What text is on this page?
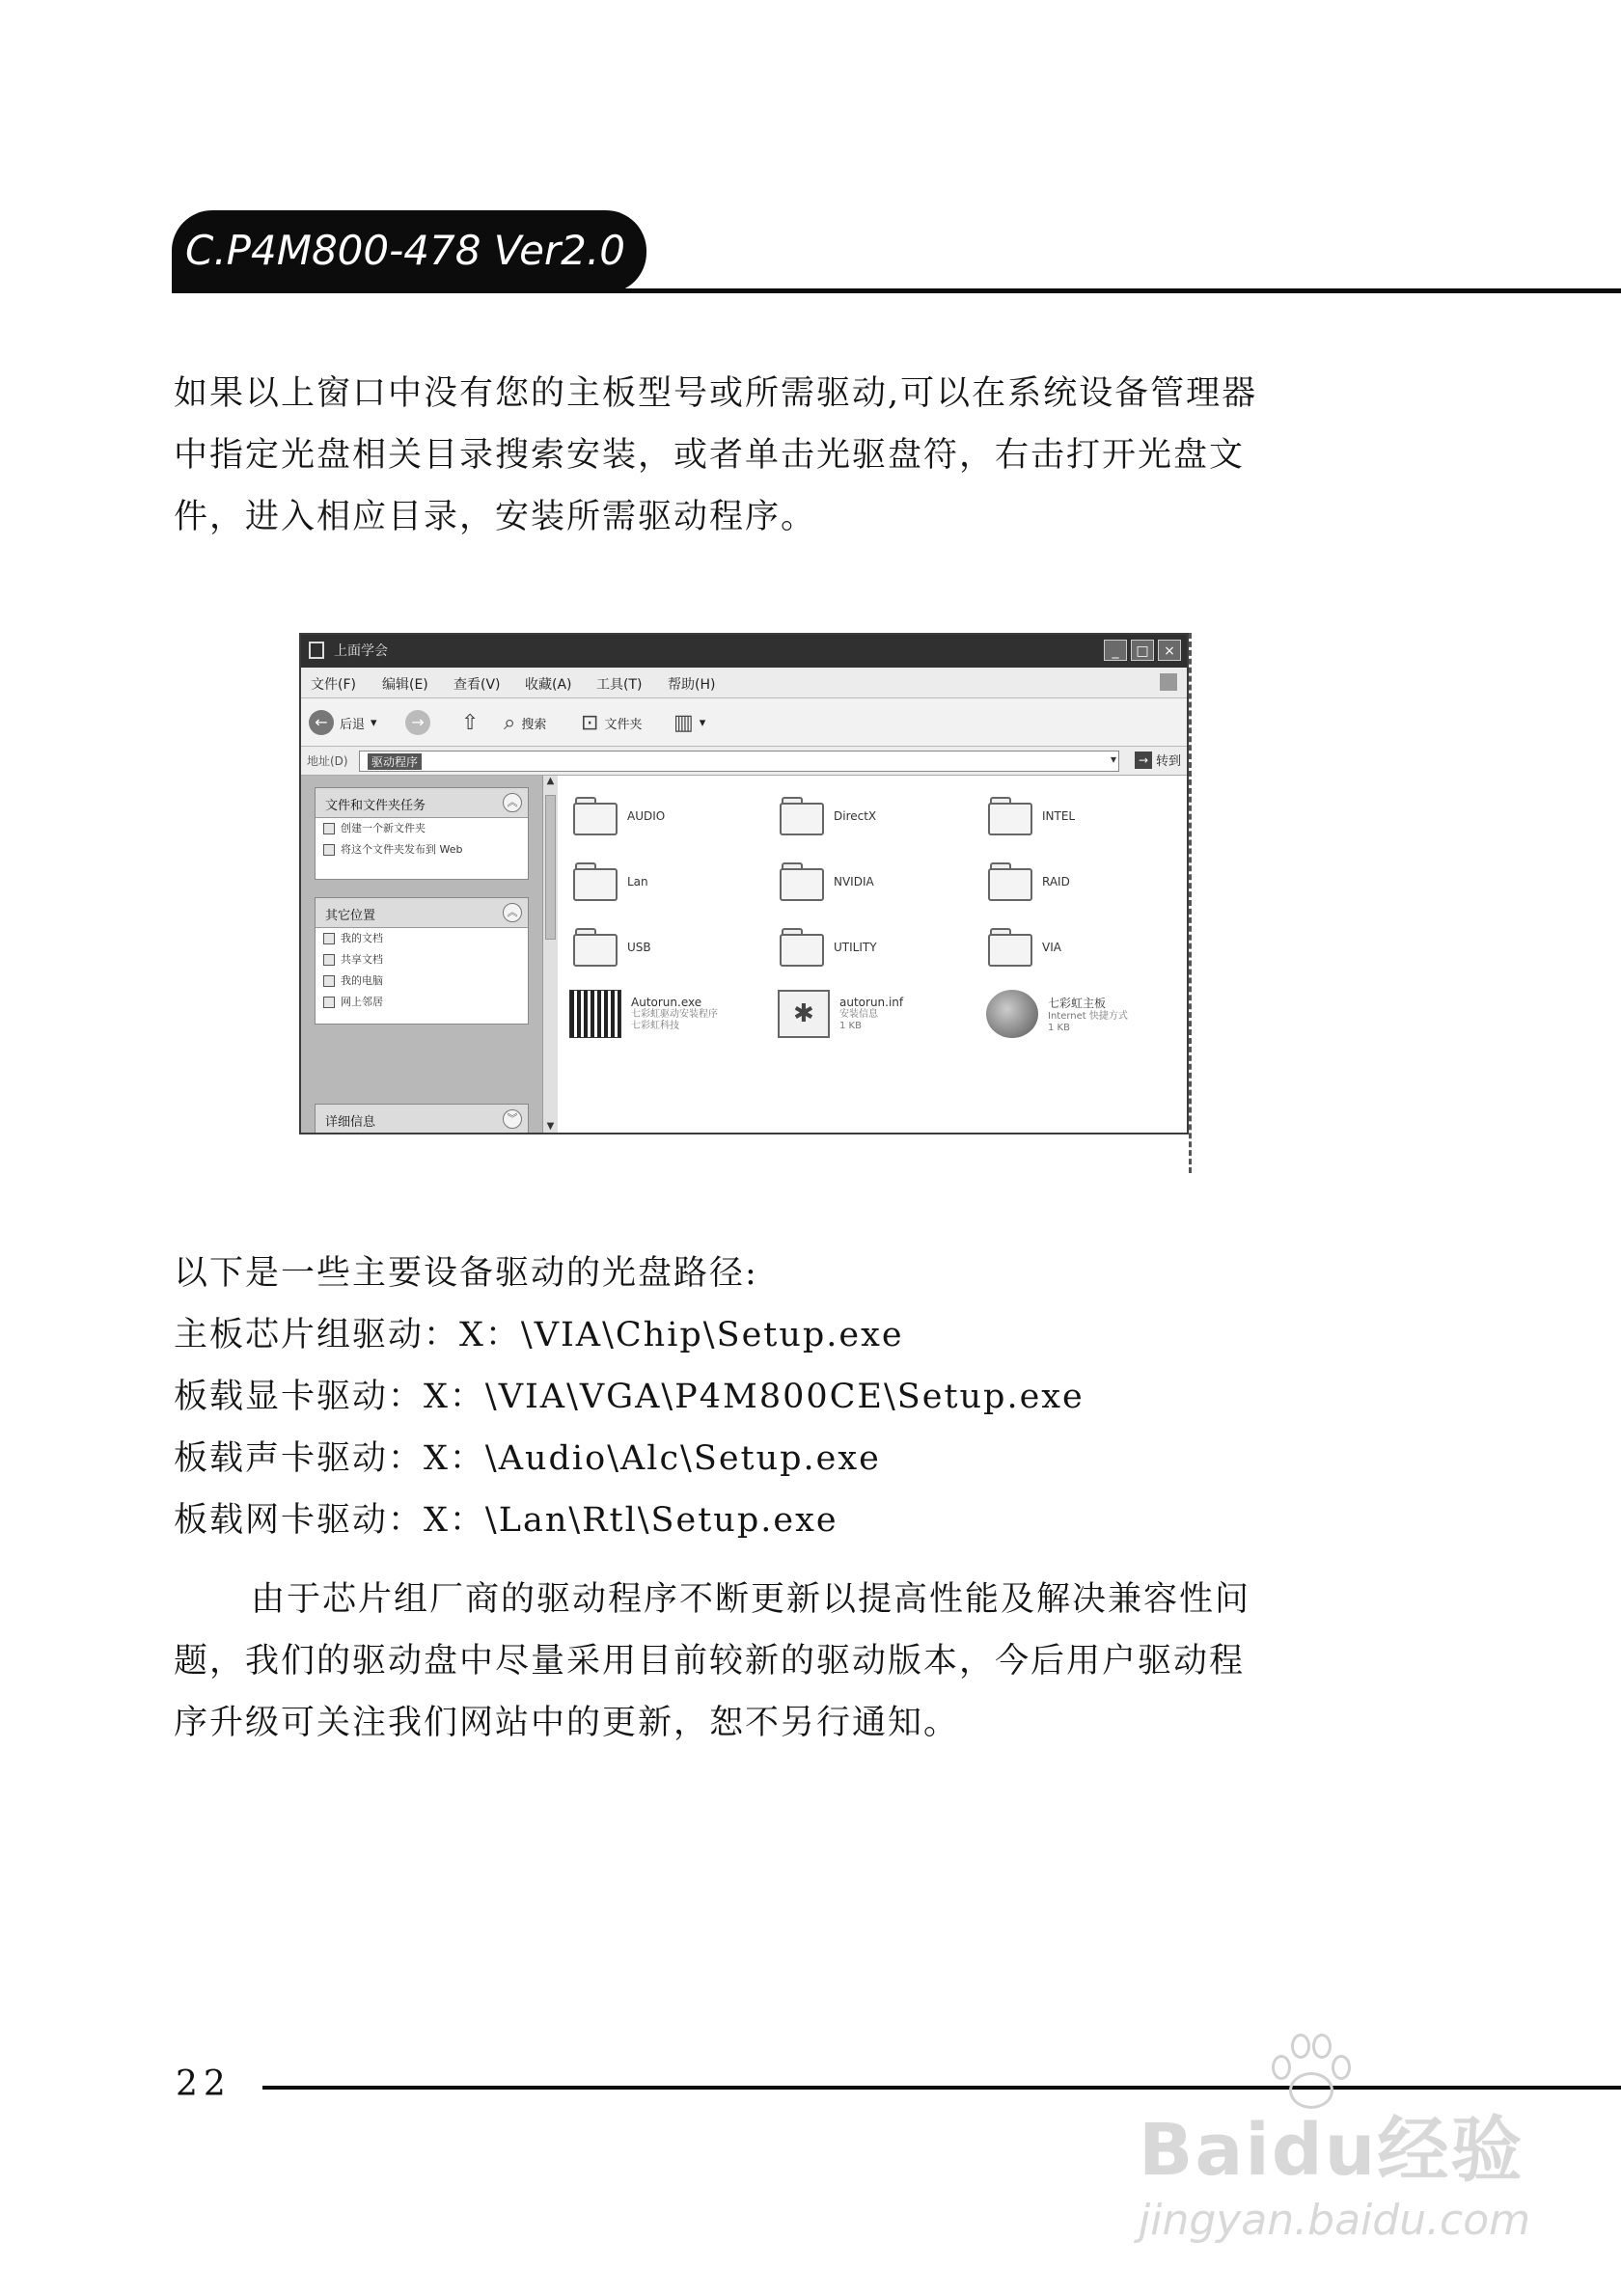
C.P4M800-478 Ver2.0

如果以上窗口中没有您的主板型号或所需驱动,可以在系统设备管理器

中指定光盘相关目录搜索安装，或者单击光驱盘符，右击打开光盘文

件，进入相应目录，安装所需驱动程序。

上面学会	_	□	×
文件(F) 编辑(E) 查看(V) 收藏(A) 工具(T) 帮助(H)
← 后退 ▾	→ ⇧ ⌕ 搜索 ⊡ 文件夹 ▥ ▾
地址(D)	驱动程序	▾	→ 转到
文件和文件夹任务	︽
创建一个新文件夹
将这个文件夹发布到 Web
其它位置	︽
我的文档
共享文档
我的电脑
网上邻居
详细信息	︾
▲
▼
AUDIO	DirectX	INTEL
Lan	NVIDIA	RAID
USB	UTILITY	VIA
Autorun.exe
七彩虹驱动安装程序
七彩虹科技
✱
autorun.inf
安装信息
1 KB
七彩虹主板
Internet 快捷方式
1 KB

以下是一些主要设备驱动的光盘路径:

主板芯片组驱动：X：\VIA\Chip\Setup.exe

板载显卡驱动：X：\VIA\VGA\P4M800CE\Setup.exe

板载声卡驱动：X：\Audio\Alc\Setup.exe

板载网卡驱动：X：\Lan\Rtl\Setup.exe

由于芯片组厂商的驱动程序不断更新以提高性能及解决兼容性问

题，我们的驱动盘中尽量采用目前较新的驱动版本，今后用户驱动程

序升级可关注我们网站中的更新，恕不另行通知。

22
Baidu经验
jingyan.baidu.com
